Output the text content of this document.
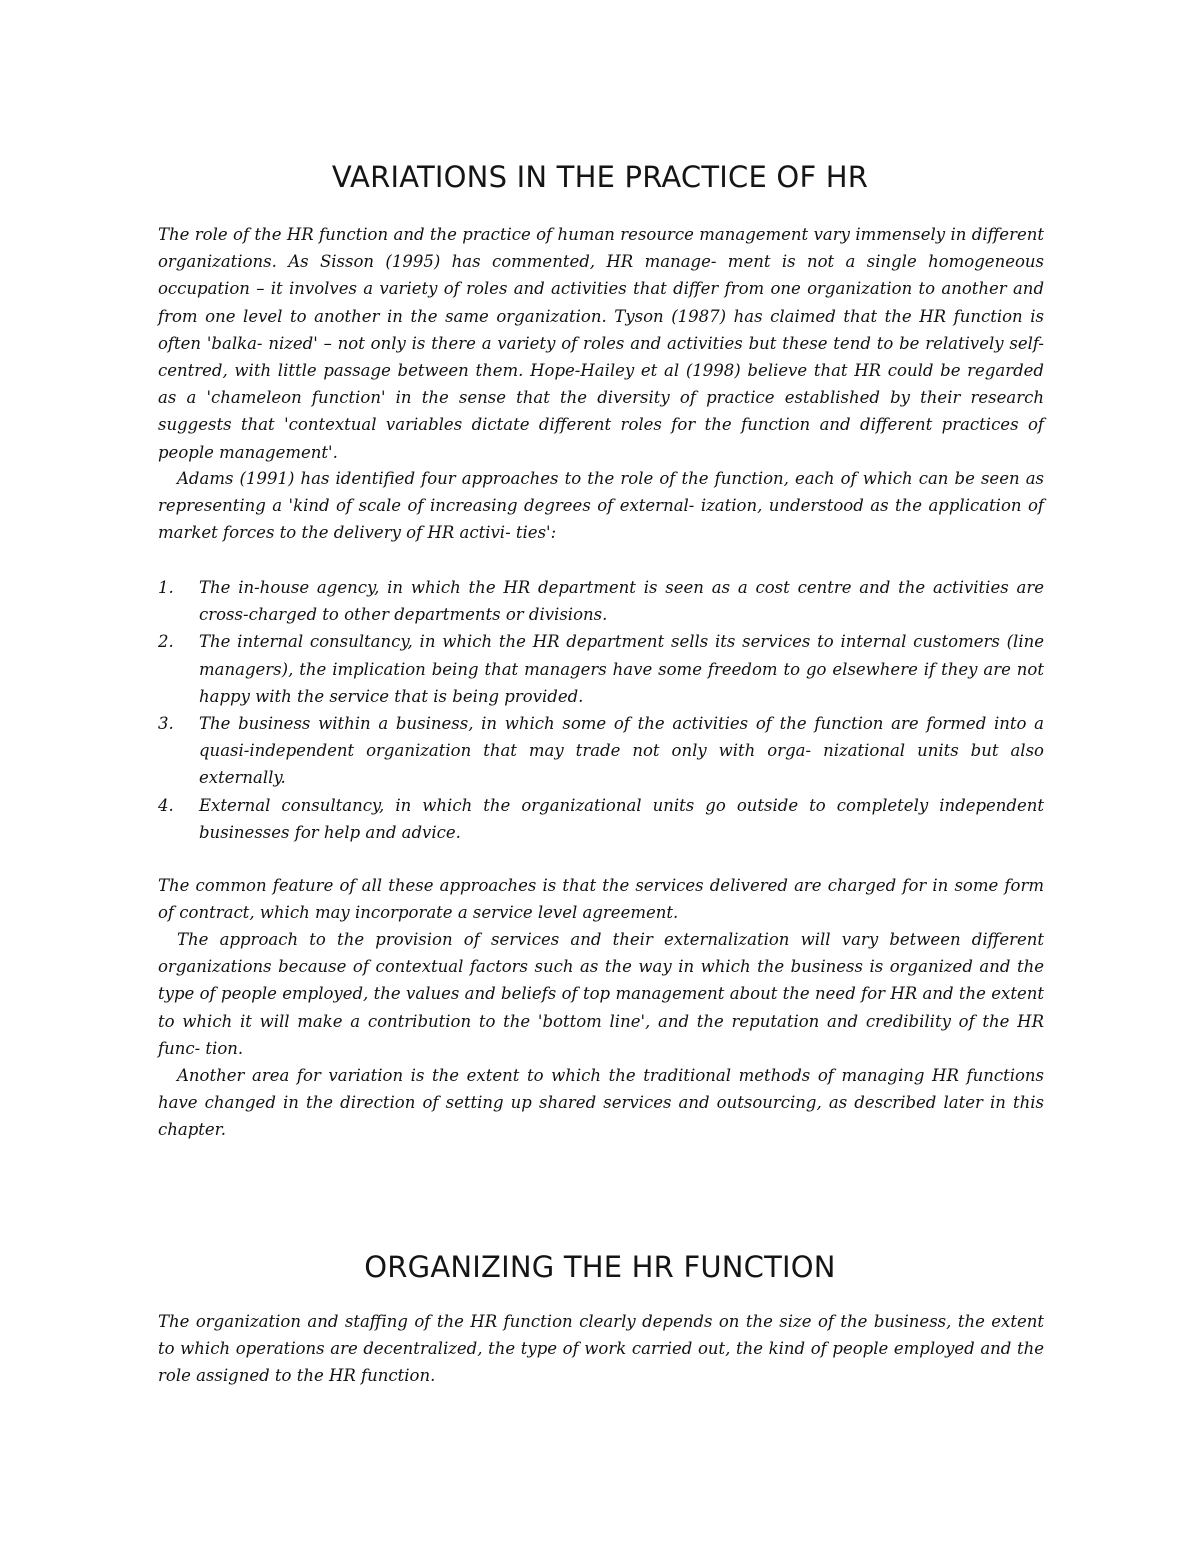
VARIATIONS IN THE PRACTICE OF HR

The role of the HR function and the practice of human resource management vary immensely in different organizations. As Sisson (1995) has commented, HR manage- ment is not a single homogeneous occupation – it involves a variety of roles and activities that differ from one organization to another and from one level to another in the same organization. Tyson (1987) has claimed that the HR function is often 'balka- nized' – not only is there a variety of roles and activities but these tend to be relatively self-centred, with little passage between them. Hope-Hailey et al (1998) believe that HR could be regarded as a 'chameleon function' in the sense that the diversity of practice established by their research suggests that 'contextual variables dictate different roles for the function and different practices of people management'.

Adams (1991) has identified four approaches to the role of the function, each of which can be seen as representing a 'kind of scale of increasing degrees of external- ization, understood as the application of market forces to the delivery of HR activi- ties':

1. The in-house agency, in which the HR department is seen as a cost centre and the activities are cross-charged to other departments or divisions.
2. The internal consultancy, in which the HR department sells its services to internal customers (line managers), the implication being that managers have some freedom to go elsewhere if they are not happy with the service that is being provided.
3. The business within a business, in which some of the activities of the function are formed into a quasi-independent organization that may trade not only with orga- nizational units but also externally.
4. External consultancy, in which the organizational units go outside to completely independent businesses for help and advice.

The common feature of all these approaches is that the services delivered are charged for in some form of contract, which may incorporate a service level agreement.

The approach to the provision of services and their externalization will vary between different organizations because of contextual factors such as the way in which the business is organized and the type of people employed, the values and beliefs of top management about the need for HR and the extent to which it will make a contribution to the 'bottom line', and the reputation and credibility of the HR func- tion.

Another area for variation is the extent to which the traditional methods of managing HR functions have changed in the direction of setting up shared services and outsourcing, as described later in this chapter.

ORGANIZING THE HR FUNCTION

The organization and staffing of the HR function clearly depends on the size of the business, the extent to which operations are decentralized, the type of work carried out, the kind of people employed and the role assigned to the HR function.
